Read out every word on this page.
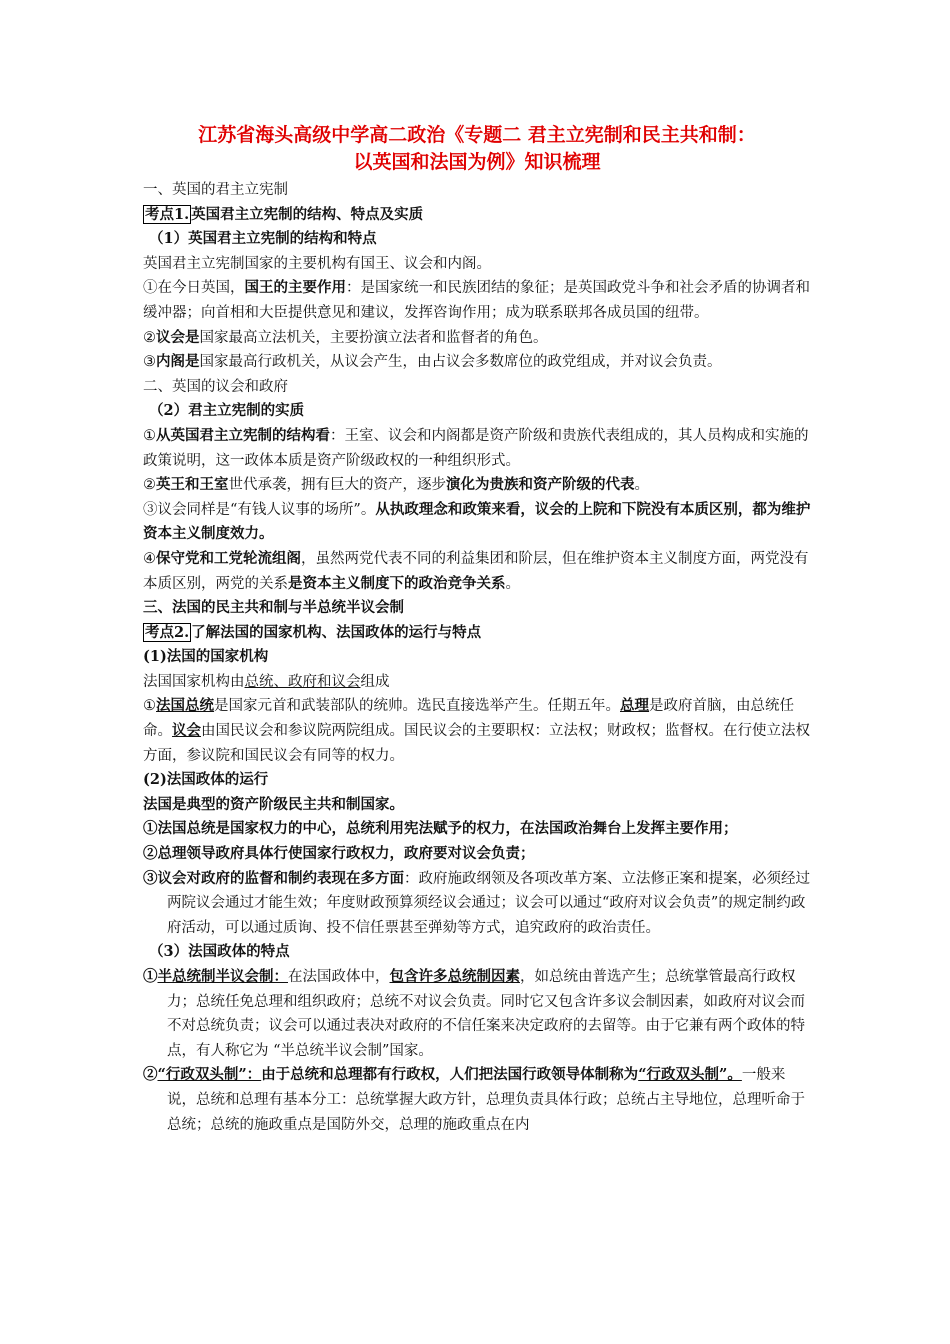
江苏省海头高级中学高二政治《专题二 君主立宪制和民主共和制：
以英国和法国为例》知识梳理

一、英国的君主立宪制

考点1. 英国君主立宪制的结构、特点及实质

（1）英国君主立宪制的结构和特点

英国君主立宪制国家的主要机构有国王、议会和内阁。

①在今日英国，国王的主要作用：是国家统一和民族团结的象征；是英国政党斗争和社会矛盾的协调者和缓冲器；向首相和大臣提供意见和建议，发挥咨询作用；成为联系联邦各成员国的纽带。

②议会是国家最高立法机关，主要扮演立法者和监督者的角色。

③内阁是国家最高行政机关，从议会产生，由占议会多数席位的政党组成，并对议会负责。

二、英国的议会和政府

（2）君主立宪制的实质

①从英国君主立宪制的结构看：王室、议会和内阁都是资产阶级和贵族代表组成的，其人员构成和实施的政策说明，这一政体本质是资产阶级政权的一种组织形式。

②英王和王室世代承袭，拥有巨大的资产，逐步演化为贵族和资产阶级的代表。

③议会同样是“有钱人议事的场所”。从执政理念和政策来看，议会的上院和下院没有本质区别，都为维护资本主义制度效力。

④保守党和工党轮流组阁，虽然两党代表不同的利益集团和阶层，但在维护资本主义制度方面，两党没有本质区别，两党的关系是资本主义制度下的政治竞争关系。

三、法国的民主共和制与半总统半议会制

考点2. 了解法国的国家机构、法国政体的运行与特点

(1)法国的国家机构

法国国家机构由总统、政府和议会组成

①法国总统是国家元首和武装部队的统帅。选民直接选举产生。任期五年。总理是政府首脑，由总统任命。议会由国民议会和参议院两院组成。国民议会的主要职权：立法权；财政权；监督权。在行使立法权方面，参议院和国民议会有同等的权力。

(2)法国政体的运行

法国是典型的资产阶级民主共和制国家。

①法国总统是国家权力的中心，总统利用宪法赋予的权力，在法国政治舞台上发挥主要作用；

②总理领导政府具体行使国家行政权力，政府要对议会负责；

③议会对政府的监督和制约表现在多方面：政府施政纲领及各项改革方案、立法修正案和提案，必须经过两院议会通过才能生效；年度财政预算须经议会通过；议会可以通过“政府对议会负责”的规定制约政府活动，可以通过质询、投不信任票甚至弹劾等方式，追究政府的政治责任。

（3）法国政体的特点

①半总统制半议会制：在法国政体中，包含许多总统制因素，如总统由普选产生；总统掌管最高行政权力；总统任免总理和组织政府；总统不对议会负责。同时它又包含许多议会制因素，如政府对议会而不对总统负责；议会可以通过表决对政府的不信任案来决定政府的去留等。由于它兼有两个政体的特点，有人称它为 “半总统半议会制”国家。

②“行政双头制”：由于总统和总理都有行政权，人们把法国行政领导体制称为“行政双头制”。一般来说，总统和总理有基本分工：总统掌握大政方针，总理负责具体行政；总统占主导地位，总理听命于总统；总统的施政重点是国防外交，总理的施政重点在内
